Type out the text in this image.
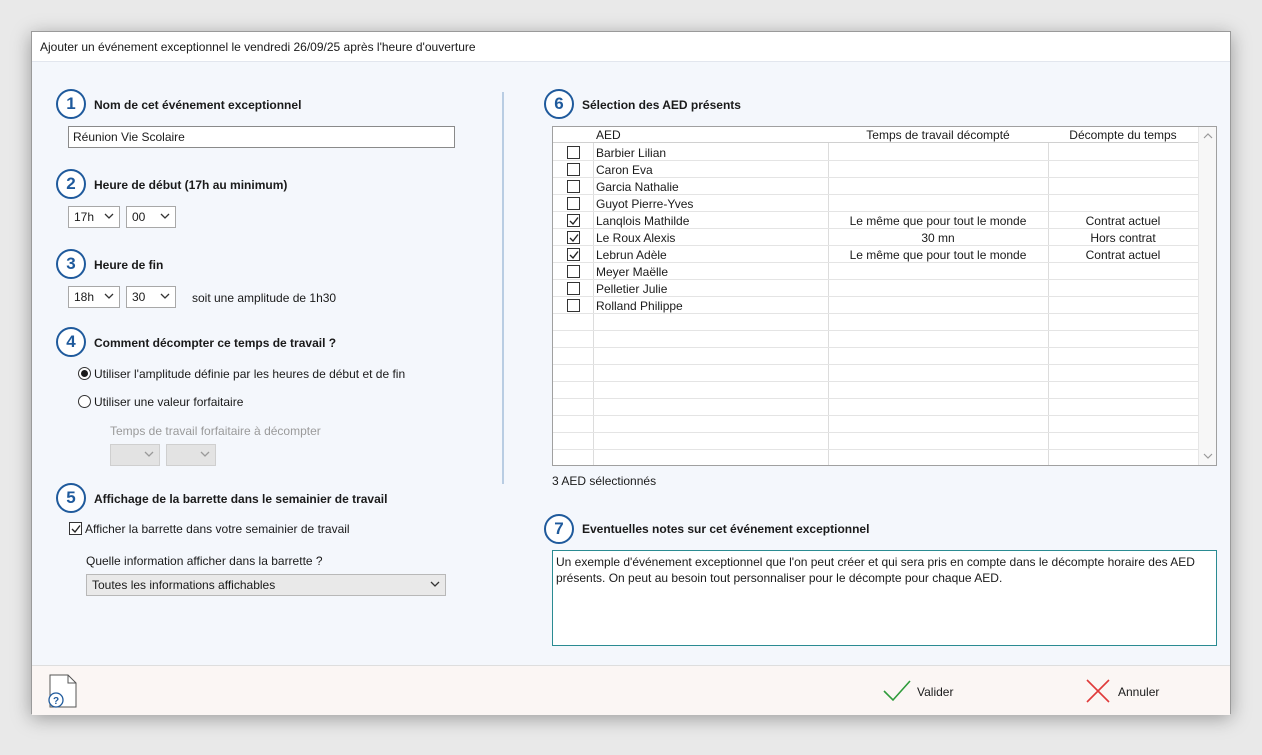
Ajouter un événement exceptionnel le vendredi 26/09/25 après l'heure d'ouverture
1	Nom de cet événement exceptionnel
Réunion Vie Scolaire
2	Heure de début (17h au minimum)
17h	00
3	Heure de fin
18h	30	soit une amplitude de 1h30
4	Comment décompter ce temps de travail ?
Utiliser l'amplitude définie par les heures de début et de fin
Utiliser une valeur forfaitaire
Temps de travail forfaitaire à décompter
5	Affichage de la barrette dans le semainier de travail
Afficher la barrette dans votre semainier de travail
Quelle information afficher dans la barrette ?
Toutes les informations affichables
6	Sélection des AED présents
AED	Temps de travail décompté	Décompte du temps
Barbier Lilian
Caron Eva
Garcia Nathalie
Guyot Pierre-Yves
Lanqlois Mathilde	Le même que pour tout le monde	Contrat actuel
Le Roux Alexis	30 mn	Hors contrat
Lebrun Adèle	Le même que pour tout le monde	Contrat actuel
Meyer Maëlle
Pelletier Julie
Rolland Philippe
3 AED sélectionnés
7	Eventuelles notes sur cet événement exceptionnel
Un exemple d'événement exceptionnel que l'on peut créer et qui sera pris en compte dans le décompte horaire des AED
présents. On peut au besoin tout personnaliser pour le décompte pour chaque AED.
?
Valider	Annuler
